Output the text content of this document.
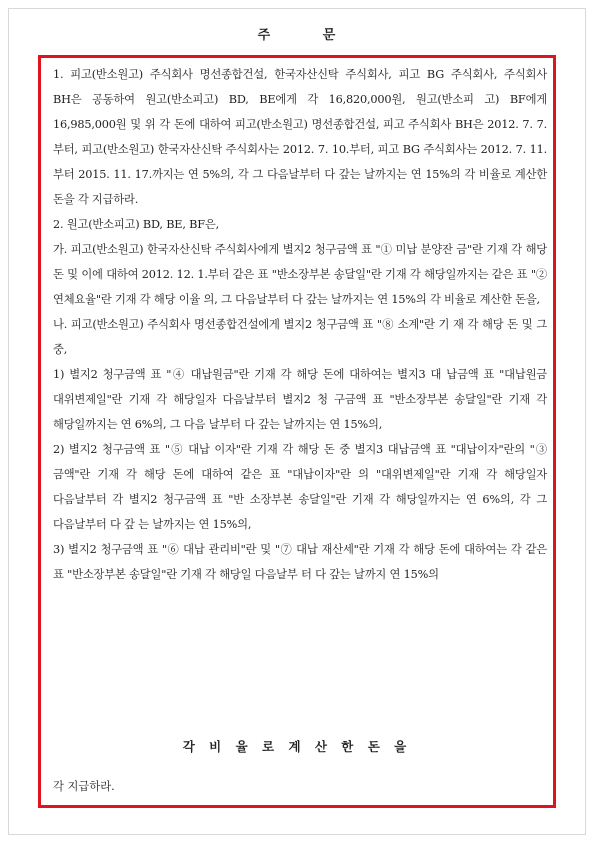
주 문

1. 피고(반소원고) 주식회사 명선종합건설, 한국자산신탁 주식회사, 피고 BG 주식회사, 주식회사 BH은 공동하여 원고(반소피고) BD, BE에게 각 16,820,000원, 원고(반소피 고) BF에게 16,985,000원 및 위 각 돈에 대하여 피고(반소원고) 명선종합건설, 피고 주식회사 BH은 2012. 7. 7.부터, 피고(반소원고) 한국자산신탁 주식회사는 2012. 7. 10.부터, 피고 BG 주식회사는 2012. 7. 11.부터 2015. 11. 17.까지는 연 5%의, 각 그 다음날부터 다 갚는 날까지는 연 15%의 각 비율로 계산한 돈을 각 지급하라.

2. 원고(반소피고) BD, BE, BF은,

가. 피고(반소원고) 한국자산신탁 주식회사에게 별지2 청구금액 표 "① 미납 분양잔 금"란 기재 각 해당 돈 및 이에 대하여 2012. 12. 1.부터 같은 표 "반소장부본 송달일"란 기재 각 해당일까지는 같은 표 "② 연체요율"란 기재 각 해당 이율 의, 그 다음날부터 다 갚는 날까지는 연 15%의 각 비율로 계산한 돈을,

나. 피고(반소원고) 주식회사 명선종합건설에게 별지2 청구금액 표 "⑧ 소계"란 기 재 각 해당 돈 및 그 중,

1) 별지2 청구금액 표 "④ 대납원금"란 기재 각 해당 돈에 대하여는 별지3 대 납금액 표 "대납원금 대위변제일"란 기재 각 해당일자 다음날부터 별지2 청 구금액 표 "반소장부본 송달일"란 기재 각 해당일까지는 연 6%의, 그 다음 날부터 다 갚는 날까지는 연 15%의,

2) 별지2 청구금액 표 "⑤ 대납 이자"란 기재 각 해당 돈 중 별지3 대납금액 표 "대납이자"란의 "③ 금액"란 기재 각 해당 돈에 대하여 같은 표 "대납이자"란 의 "대위변제일"란 기재 각 해당일자 다음날부터 각 별지2 청구금액 표 "반 소장부본 송달일"란 기재 각 해당일까지는 연 6%의, 각 그 다음날부터 다 갚 는 날까지는 연 15%의,

3) 별지2 청구금액 표 "⑥ 대납 관리비"란 및 "⑦ 대납 재산세"란 기재 각 해당 돈에 대하여는 각 같은 표 "반소장부본 송달일"란 기재 각 해당일 다음날부 터 다 갚는 날까지 연 15%의

각 비 율 로 계 산 한 돈 을
각 지급하라.
